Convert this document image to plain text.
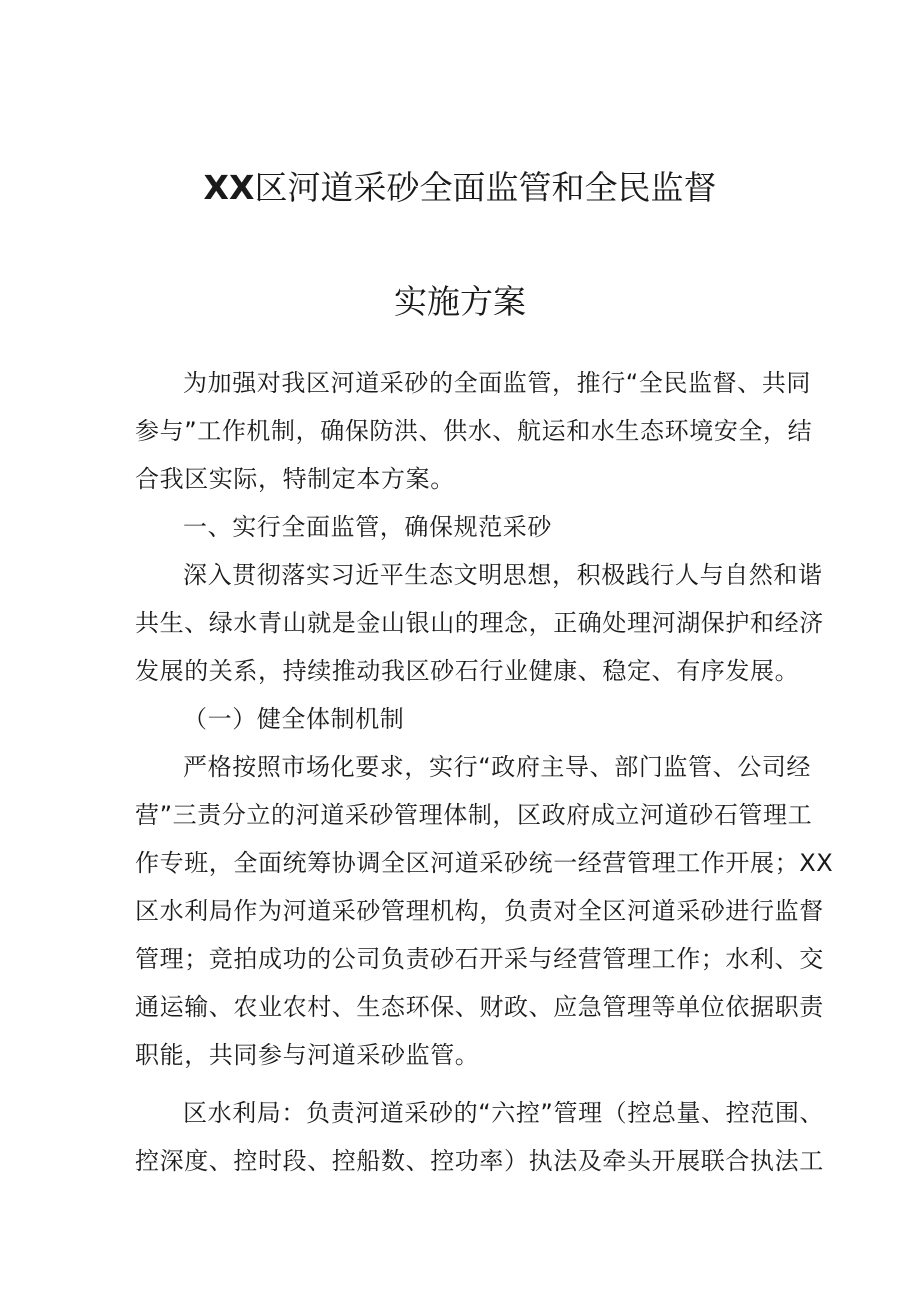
XX区河道采砂全面监管和全民监督
实施方案
为加强对我区河道采砂的全面监管，推行“全民监督、共同
参与”工作机制，确保防洪、供水、航运和水生态环境安全，结
合我区实际，特制定本方案。
一、实行全面监管，确保规范采砂
深入贯彻落实习近平生态文明思想，积极践行人与自然和谐
共生、绿水青山就是金山银山的理念，正确处理河湖保护和经济
发展的关系，持续推动我区砂石行业健康、稳定、有序发展。
（一）健全体制机制
严格按照市场化要求，实行“政府主导、部门监管、公司经
营”三责分立的河道采砂管理体制，区政府成立河道砂石管理工
作专班，全面统筹协调全区河道采砂统一经营管理工作开展；XX
区水利局作为河道采砂管理机构，负责对全区河道采砂进行监督
管理；竞拍成功的公司负责砂石开采与经营管理工作；水利、交
通运输、农业农村、生态环保、财政、应急管理等单位依据职责
职能，共同参与河道采砂监管。
区水利局：负责河道采砂的“六控”管理（控总量、控范围、
控深度、控时段、控船数、控功率）执法及牵头开展联合执法工
